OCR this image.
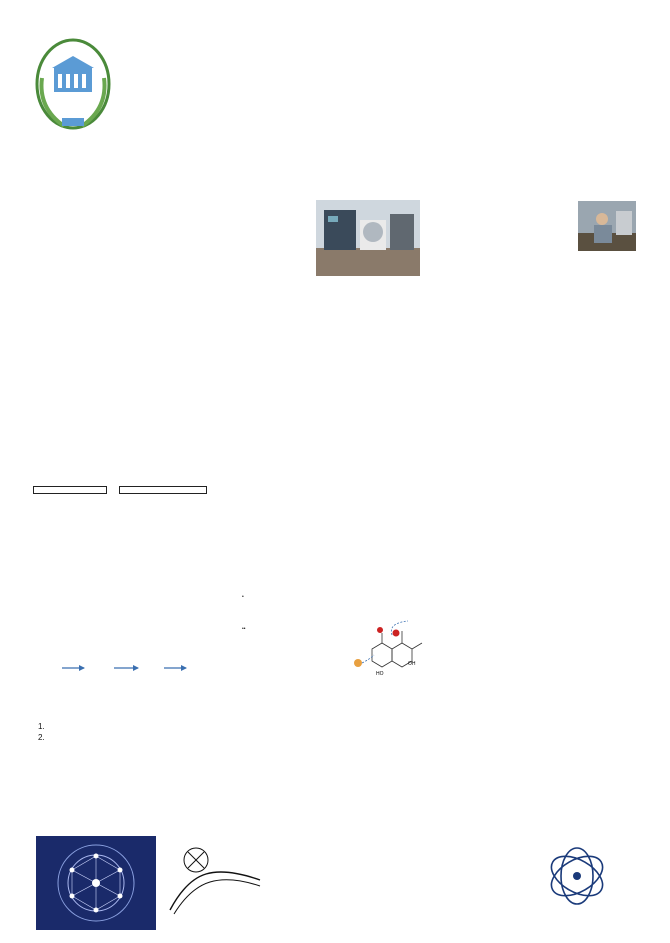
1.
2.
•
••
OH
HO
